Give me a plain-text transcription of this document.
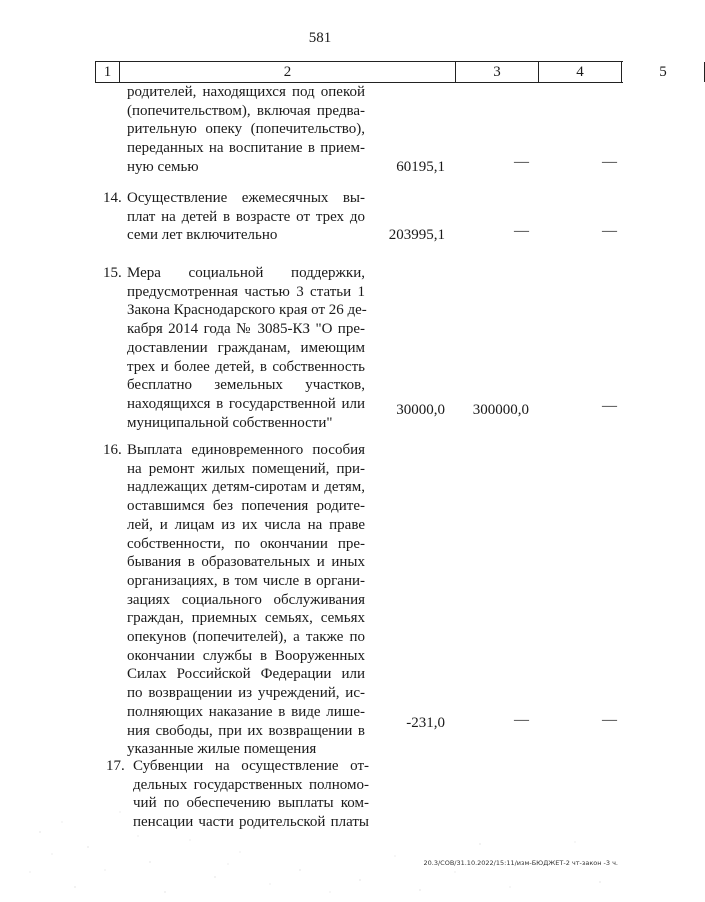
581
1	2	3	4	5
родителей, находящихся под опекой
(попечительством), включая предва-
рительную опеку (попечительство),
переданных на воспитание в прием-
ную семью	60195,1	—	—
14. Осуществление ежемесячных вы-
плат на детей в возрасте от трех до
семи лет включительно	203995,1	—	—
15. Мера социальной поддержки,
предусмотренная частью 3 статьи 1
Закона Краснодарского края от 26 де-
кабря 2014 года № 3085-КЗ "О пре-
доставлении гражданам, имеющим
трех и более детей, в собственность
бесплатно земельных участков,
находящихся в государственной или
муниципальной собственности"
30000,0 300000,0	—
16. Выплата единовременного пособия
на ремонт жилых помещений, при-
надлежащих детям-сиротам и детям,
оставшимся без попечения родите-
лей, и лицам из их числа на праве
собственности, по окончании пре-
бывания в образовательных и иных
организациях, в том числе в органи-
зациях социального обслуживания
граждан, приемных семьях, семьях
опекунов (попечителей), а также по
окончании службы в Вооруженных
Силах Российской Федерации или
по возвращении из учреждений, ис-
полняющих наказание в виде лише-
ния свободы, при их возвращении в
указанные жилые помещения
-231,0	—	—
17. Субвенции на осуществление от-
дельных государственных полномо-
чий по обеспечению выплаты ком-
пенсации части родительской платы
20.3/СОВ/31.10.2022/15:11/изм-БЮДЖЕТ-2 чт-закон -3 ч.
